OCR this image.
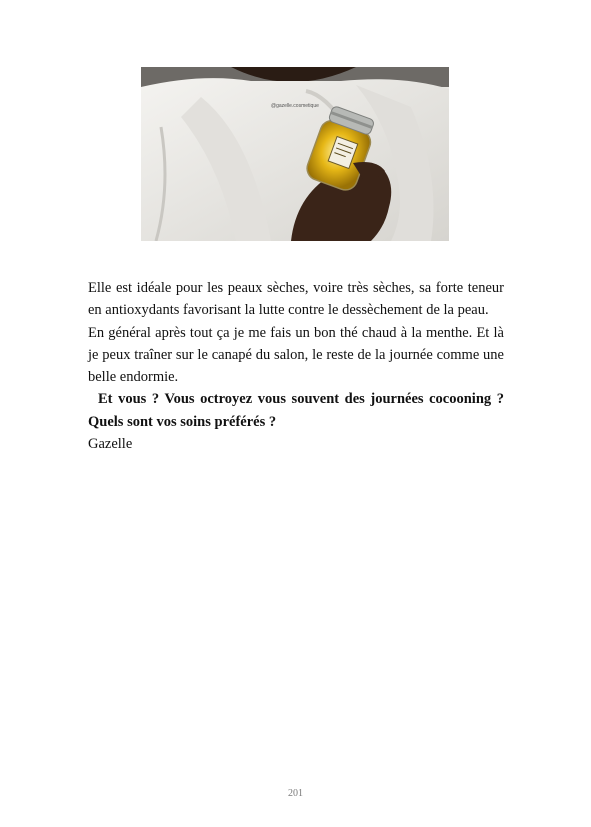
@gazelle.cosmetique

Elle est idéale pour les peaux sèches, voire très sèches, sa forte teneur en antioxydants favorisant la lutte contre le dessèchement de la peau.

En général après tout ça je me fais un bon thé chaud à la menthe. Et là je peux traîner sur le canapé du salon, le reste de la journée comme une belle endormie.

Et vous ? Vous octroyez vous souvent des journées cocooning ? Quels sont vos soins préférés ?

Gazelle

201
